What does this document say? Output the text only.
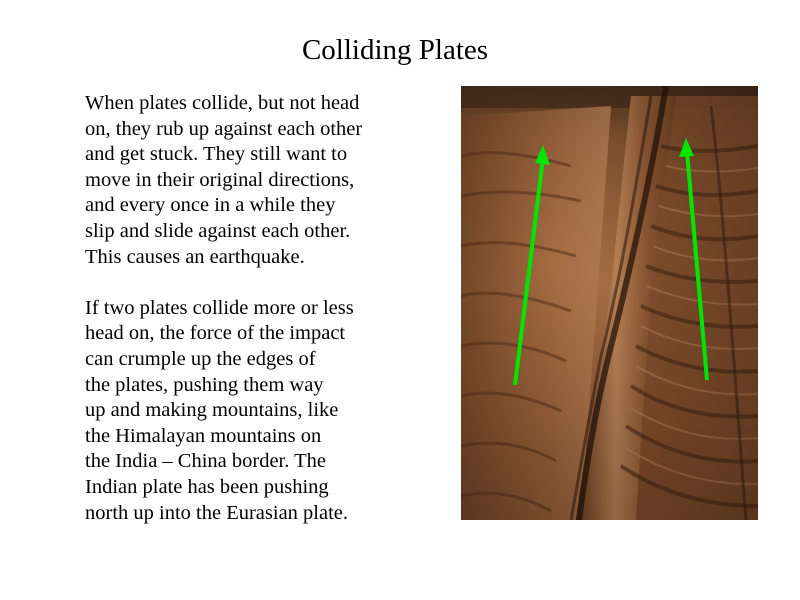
Colliding Plates
When plates collide, but not head
on, they rub up against each other
and get stuck. They still want to
move in their original directions,
and every once in a while they
slip and slide against each other.
This causes an earthquake.
If two plates collide more or less
head on, the force of the impact
can crumple up the edges of
the plates, pushing them way
up and making mountains, like
the Himalayan mountains on
the India – China border. The
Indian plate has been pushing
north up into the Eurasian plate.
